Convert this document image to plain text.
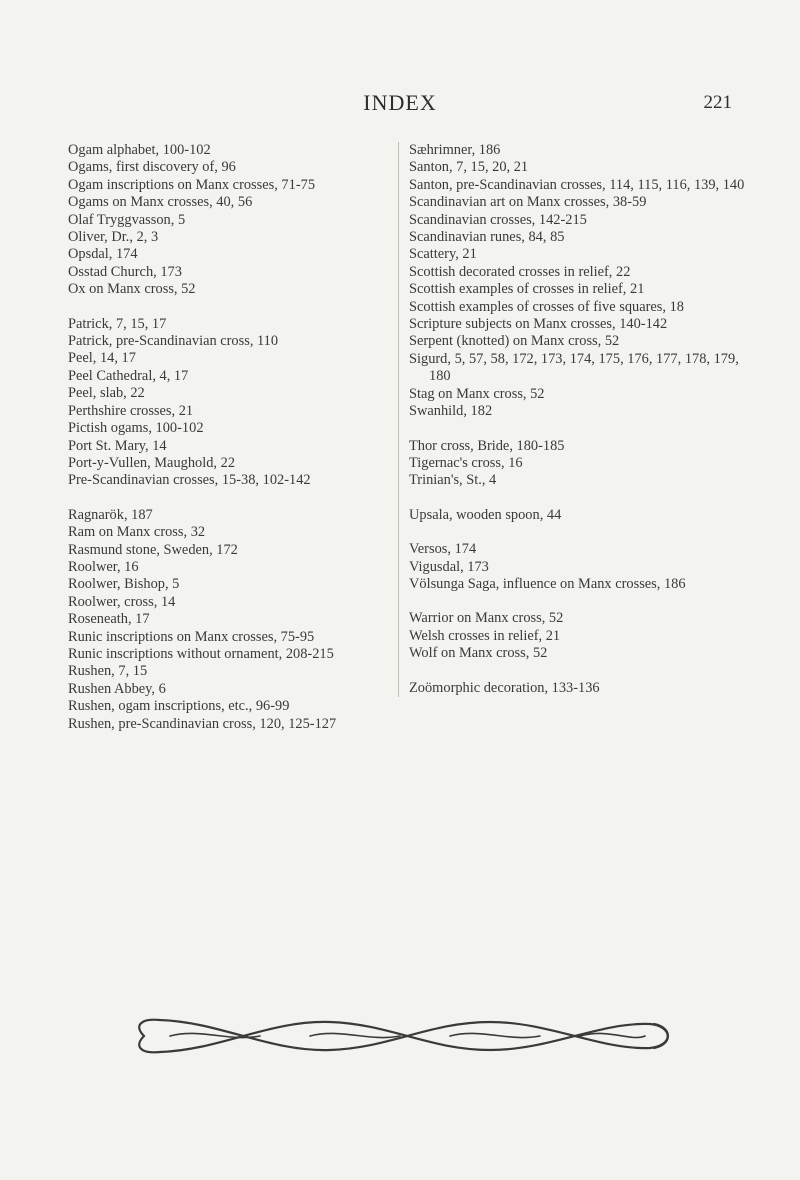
INDEX	221
Ogam alphabet, 100-102
Ogams, first discovery of, 96
Ogam inscriptions on Manx crosses, 71-75
Ogams on Manx crosses, 40, 56
Olaf Tryggvasson, 5
Oliver, Dr., 2, 3
Opsdal, 174
Osstad Church, 173
Ox on Manx cross, 52
Patrick, 7, 15, 17
Patrick, pre-Scandinavian cross, 110
Peel, 14, 17
Peel Cathedral, 4, 17
Peel, slab, 22
Perthshire crosses, 21
Pictish ogams, 100-102
Port St. Mary, 14
Port-y-Vullen, Maughold, 22
Pre-Scandinavian crosses, 15-38, 102-142
Ragnarök, 187
Ram on Manx cross, 32
Rasmund stone, Sweden, 172
Roolwer, 16
Roolwer, Bishop, 5
Roolwer, cross, 14
Roseneath, 17
Runic inscriptions on Manx crosses, 75-95
Runic inscriptions without ornament, 208-215
Rushen, 7, 15
Rushen Abbey, 6
Rushen, ogam inscriptions, etc., 96-99
Rushen, pre-Scandinavian cross, 120, 125-127
Sæhrimner, 186
Santon, 7, 15, 20, 21
Santon, pre-Scandinavian crosses, 114, 115, 116, 139, 140
Scandinavian art on Manx crosses, 38-59
Scandinavian crosses, 142-215
Scandinavian runes, 84, 85
Scattery, 21
Scottish decorated crosses in relief, 22
Scottish examples of crosses in relief, 21
Scottish examples of crosses of five squares, 18
Scripture subjects on Manx crosses, 140-142
Serpent (knotted) on Manx cross, 52
Sigurd, 5, 57, 58, 172, 173, 174, 175, 176, 177, 178, 179, 180
Stag on Manx cross, 52
Swanhild, 182
Thor cross, Bride, 180-185
Tigernac's cross, 16
Trinian's, St., 4
Upsala, wooden spoon, 44
Versos, 174
Vigusdal, 173
Völsunga Saga, influence on Manx crosses, 186
Warrior on Manx cross, 52
Welsh crosses in relief, 21
Wolf on Manx cross, 52
Zoömorphic decoration, 133-136
